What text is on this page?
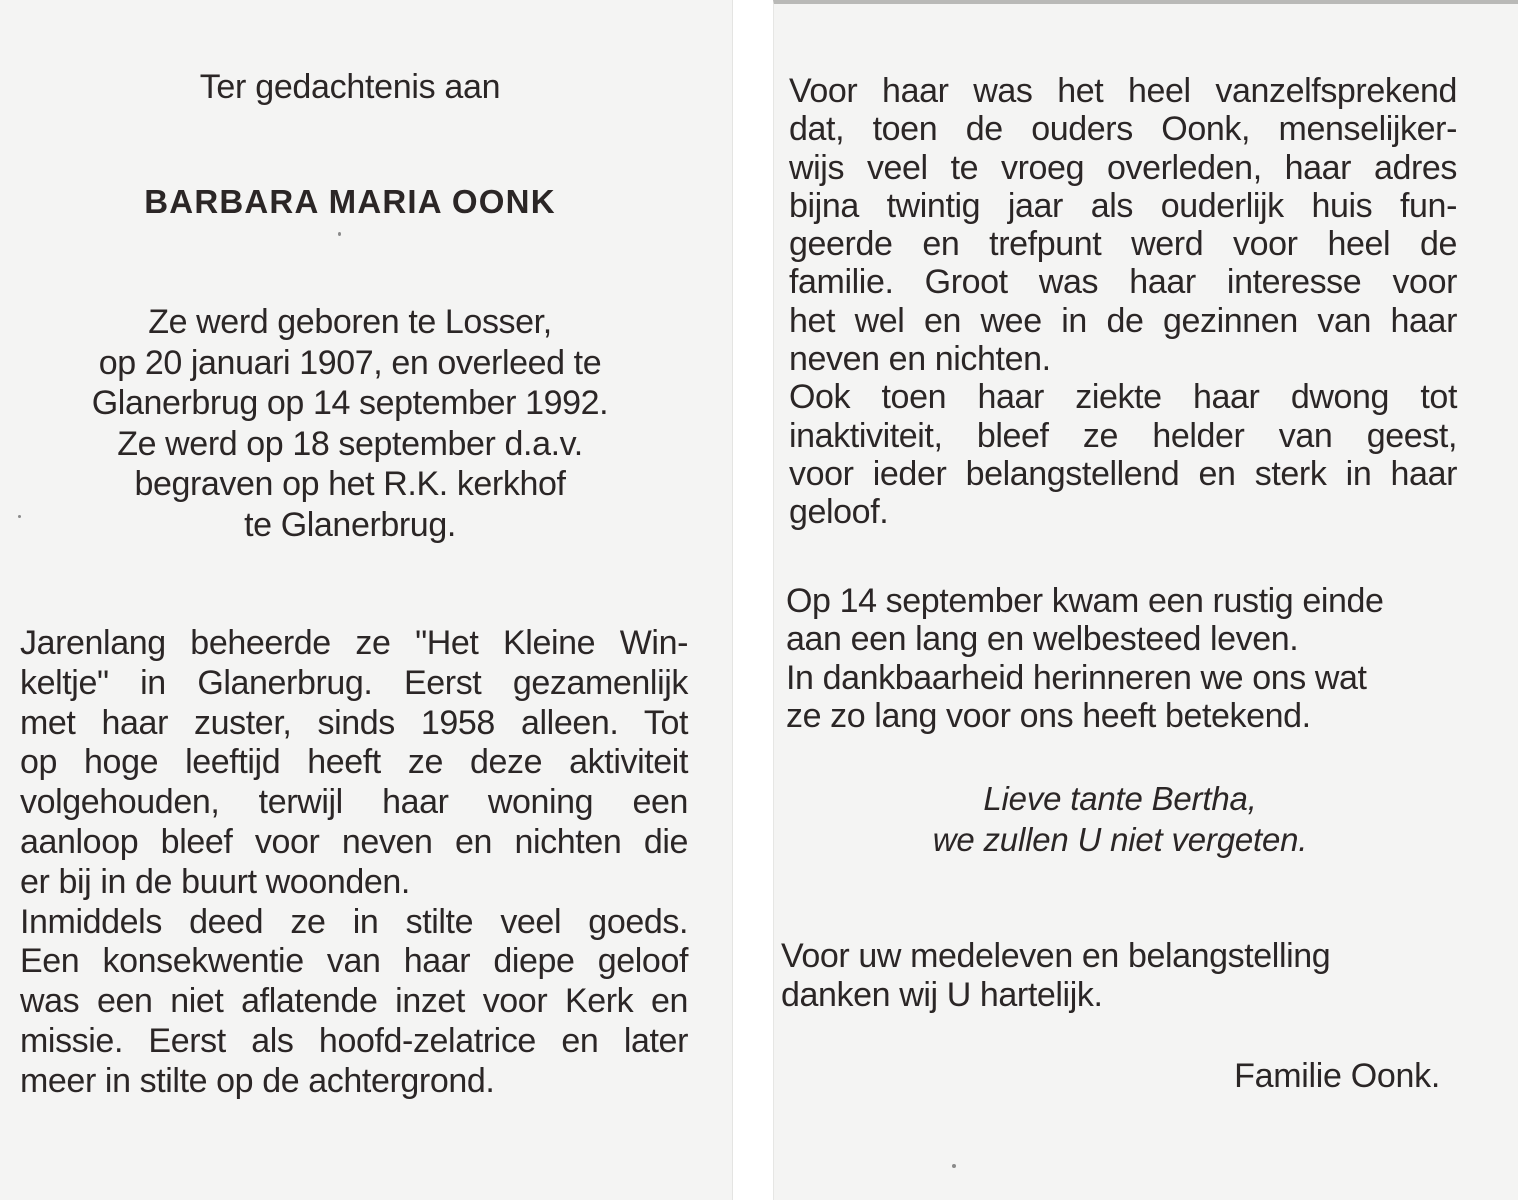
Ter gedachtenis aan
BARBARA MARIA OONK
Ze werd geboren te Losser,
op 20 januari 1907, en overleed te
Glanerbrug op 14 september 1992.
Ze werd op 18 september d.a.v.
begraven op het R.K. kerkhof
te Glanerbrug.
Jarenlang beheerde ze "Het Kleine Win-
keltje" in Glanerbrug. Eerst gezamenlijk
met haar zuster, sinds 1958 alleen. Tot
op hoge leeftijd heeft ze deze aktiviteit
volgehouden, terwijl haar woning een
aanloop bleef voor neven en nichten die
er bij in de buurt woonden.
Inmiddels deed ze in stilte veel goeds.
Een konsekwentie van haar diepe geloof
was een niet aflatende inzet voor Kerk en
missie. Eerst als hoofd-zelatrice en later
meer in stilte op de achtergrond.
Voor haar was het heel vanzelfsprekend
dat, toen de ouders Oonk, menselijker-
wijs veel te vroeg overleden, haar adres
bijna twintig jaar als ouderlijk huis fun-
geerde en trefpunt werd voor heel de
familie. Groot was haar interesse voor
het wel en wee in de gezinnen van haar
neven en nichten.
Ook toen haar ziekte haar dwong tot
inaktiviteit, bleef ze helder van geest,
voor ieder belangstellend en sterk in haar
geloof.
Op 14 september kwam een rustig einde
aan een lang en welbesteed leven.
In dankbaarheid herinneren we ons wat
ze zo lang voor ons heeft betekend.
Lieve tante Bertha,
we zullen U niet vergeten.
Voor uw medeleven en belangstelling
danken wij U hartelijk.
Familie Oonk.
